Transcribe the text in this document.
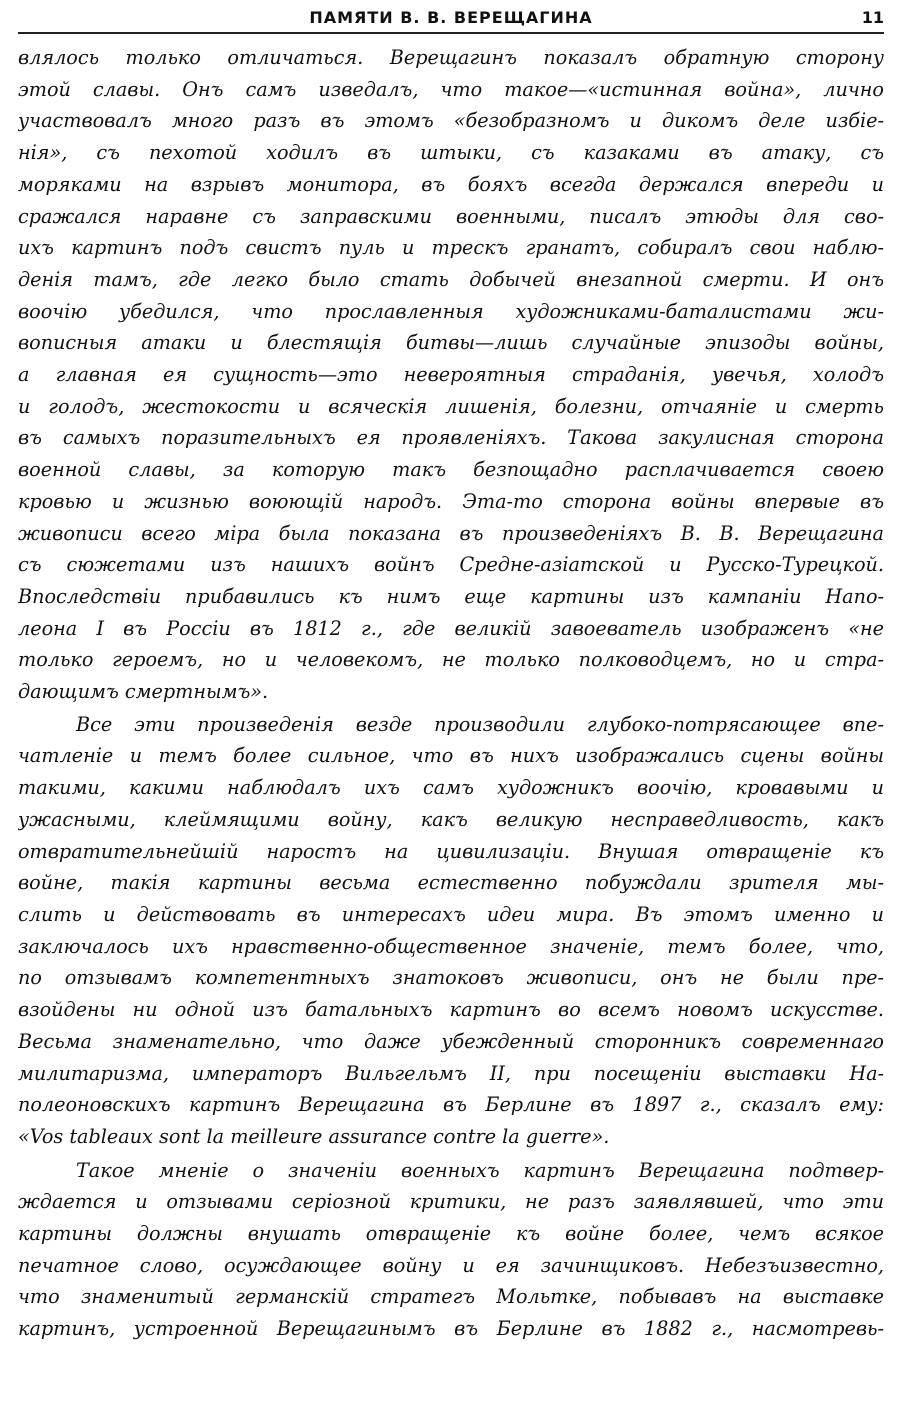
ПАМЯТИ В. В. ВЕРЕЩАГИНА	11

влялось только отличаться. Верещагинъ показалъ обратную сторону
этой славы. Онъ самъ изведалъ, что такое—«истинная война», лично
участвовалъ много разъ въ этомъ «безобразномъ и дикомъ деле избіе-
нія», съ пехотой ходилъ въ штыки, съ казаками въ атаку, съ
моряками на взрывъ монитора, въ бояхъ всегда держался впереди и
сражался наравне съ заправскими военными, писалъ этюды для сво-
ихъ картинъ подъ свистъ пуль и трескъ гранатъ, собиралъ свои наблю-
денія тамъ, где легко было стать добычей внезапной смерти. И онъ
воочію убедился, что прославленныя художниками-баталистами жи-
вописныя атаки и блестящія битвы—лишь случайные эпизоды войны,
а главная ея сущность—это невероятныя страданія, увечья, холодъ
и голодъ, жестокости и всяческія лишенія, болезни, отчаяніе и смерть
въ самыхъ поразительныхъ ея проявленіяхъ. Такова закулисная сторона
военной славы, за которую такъ безпощадно расплачивается своею
кровью и жизнью воюющій народъ. Эта-то сторона войны впервые въ
живописи всего міра была показана въ произведеніяхъ В. В. Верещагина
съ сюжетами изъ нашихъ войнъ Средне-азіатской и Русско-Турецкой.
Впоследствіи прибавились къ нимъ еще картины изъ кампаніи Напо-
леона I въ Россіи въ 1812 г., где великій завоеватель изображенъ «не
только героемъ, но и человекомъ, не только полководцемъ, но и стра-
дающимъ смертнымъ».

Все эти произведенія везде производили глубоко-потрясающее впе-
чатленіе и темъ более сильное, что въ нихъ изображались сцены войны
такими, какими наблюдалъ ихъ самъ художникъ воочію, кровавыми и
ужасными, клеймящими войну, какъ великую несправедливость, какъ
отвратительнейшій наростъ на цивилизаціи. Внушая отвращеніе къ
войне, такія картины весьма естественно побуждали зрителя мы-
слить и действовать въ интересахъ идеи мира. Въ этомъ именно и
заключалось ихъ нравственно-общественное значеніе, темъ более, что,
по отзывамъ компетентныхъ знатоковъ живописи, онъ не были пре-
взойдены ни одной изъ батальныхъ картинъ во всемъ новомъ искусстве.
Весьма знаменательно, что даже убежденный сторонникъ современнаго
милитаризма, императоръ Вильгельмъ II, при посещеніи выставки На-
полеоновскихъ картинъ Верещагина въ Берлине въ 1897 г., сказалъ ему:
«Vos tableaux sont la meilleure assurance contre la guerre».

Такое мненіе о значеніи военныхъ картинъ Верещагина подтвер-
ждается и отзывами серіозной критики, не разъ заявлявшей, что эти
картины должны внушать отвращеніе къ войне более, чемъ всякое
печатное слово, осуждающее войну и ея зачинщиковъ. Небезъизвестно,
что знаменитый германскій стратегъ Мольтке, побывавъ на выставке
картинъ, устроенной Верещагинымъ въ Берлине въ 1882 г., насмотревь-
